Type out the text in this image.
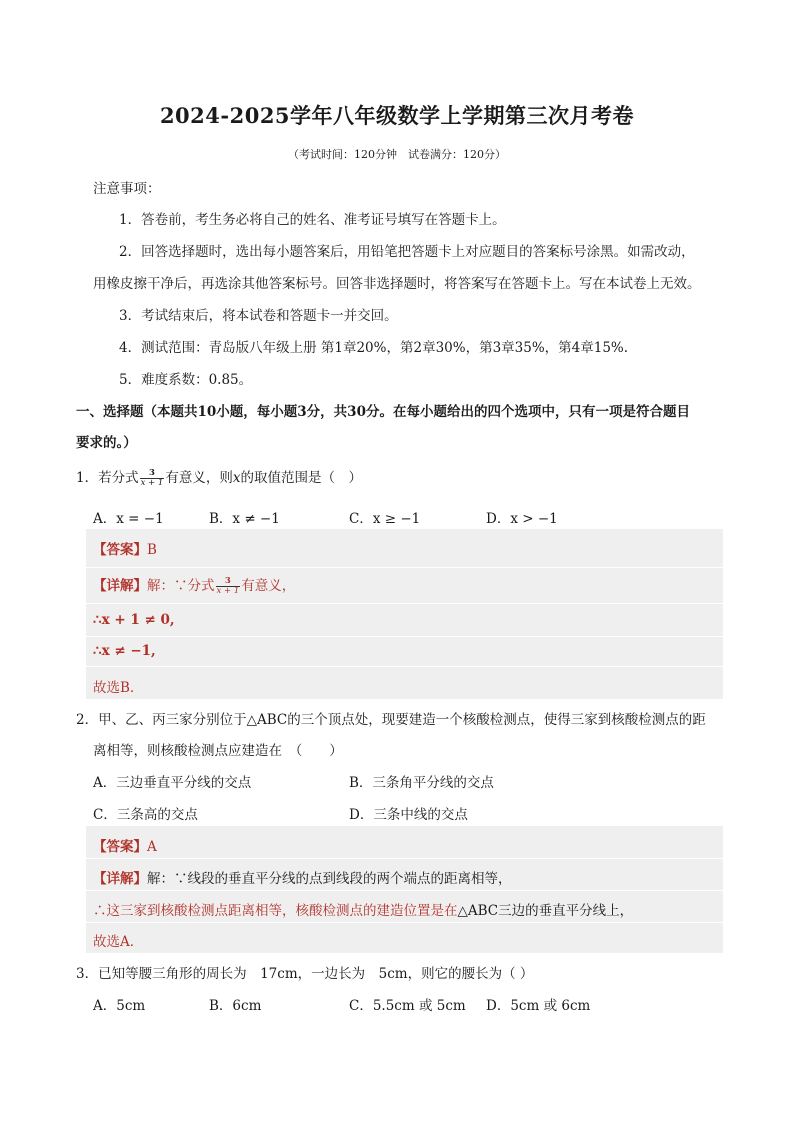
2024-2025学年八年级数学上学期第三次月考卷
（考试时间：120分钟　试卷满分：120分）
注意事项：
1．答卷前，考生务必将自己的姓名、准考证号填写在答题卡上。
2．回答选择题时，选出每小题答案后，用铅笔把答题卡上对应题目的答案标号涂黑。如需改动，
用橡皮擦干净后，再选涂其他答案标号。回答非选择题时，将答案写在答题卡上。写在本试卷上无效。
3．考试结束后，将本试卷和答题卡一并交回。
4．测试范围：青岛版八年级上册 第1章20%，第2章30%，第3章35%，第4章15%.
5．难度系数：0.85。
一、选择题（本题共10小题，每小题3分，共30分。在每小题给出的四个选项中，只有一项是符合题目
要求的。）
1．若分式 $\frac{3}{x + 1}$ 有意义，则x的取值范围是（　）
A．x = −1	B．x ≠ −1	C．x ≥ −1	D．x > −1
【答案】B
【详解】解：∵分式 $\frac{3}{x + 1}$ 有意义，
∴x + 1 ≠ 0,
∴x ≠ −1,
故选B．
2．甲、乙、丙三家分别位于△ABC的三个顶点处，现要建造一个核酸检测点，使得三家到核酸检测点的距
离相等，则核酸检测点应建造在　（　　）
A．三边垂直平分线的交点	B．三条角平分线的交点
C．三条高的交点	D．三条中线的交点
【答案】A
【详解】解：∵线段的垂直平分线的点到线段的两个端点的距离相等，
∴这三家到核酸检测点距离相等，核酸检测点的建造位置是在△ABC三边的垂直平分线上，
故选A．
3．已知等腰三角形的周长为　17cm，一边长为　5cm，则它的腰长为（ ）
A．5cm	B．6cm	C．5.5cm 或 5cm D．5cm 或 6cm
